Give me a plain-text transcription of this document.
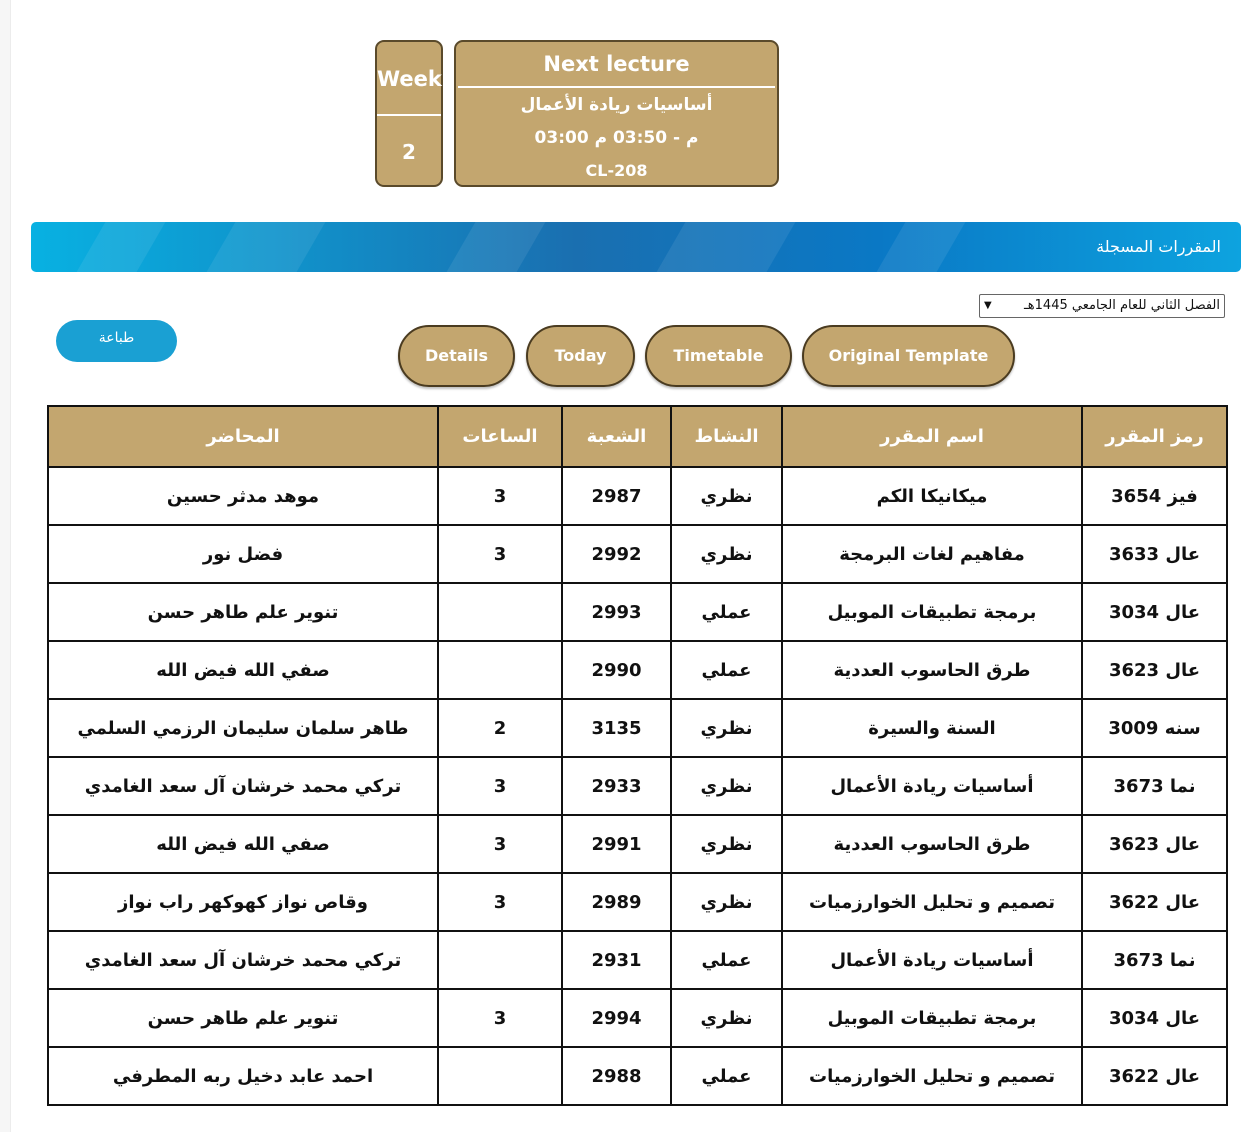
Week
2
Next lecture
أساسيات ريادة الأعمال
03:00 م - 03:50 م
CL-208
المقررات المسجلة
الفصل الثاني للعام الجامعي 1445هـ
▼
طباعة
Details	Today	Timetable	Original Template
رمز المقرر	اسم المقرر	النشاط	الشعبة	الساعات	المحاضر
فيز 3654	ميكانيكا الكم	نظري	2987	3	موهد مدثر حسين
عال 3633	مفاهيم لغات البرمجة	نظري	2992	3	فضل نور
عال 3034	برمجة تطبيقات الموبيل	عملي	2993		تنوير علم طاهر حسن
عال 3623	طرق الحاسوب العددية	عملي	2990		صفي الله فيض الله
سنه 3009	السنة والسيرة	نظري	3135	2	طاهر سلمان سليمان الرزمي السلمي
نما 3673	أساسيات ريادة الأعمال	نظري	2933	3	تركي محمد خرشان آل سعد الغامدي
عال 3623	طرق الحاسوب العددية	نظري	2991	3	صفي الله فيض الله
عال 3622	تصميم و تحليل الخوارزميات	نظري	2989	3	وقاص نواز كهوكهر راب نواز
نما 3673	أساسيات ريادة الأعمال	عملي	2931		تركي محمد خرشان آل سعد الغامدي
عال 3034	برمجة تطبيقات الموبيل	نظري	2994	3	تنوير علم طاهر حسن
عال 3622	تصميم و تحليل الخوارزميات	عملي	2988		احمد عابد دخيل ربه المطرفي
